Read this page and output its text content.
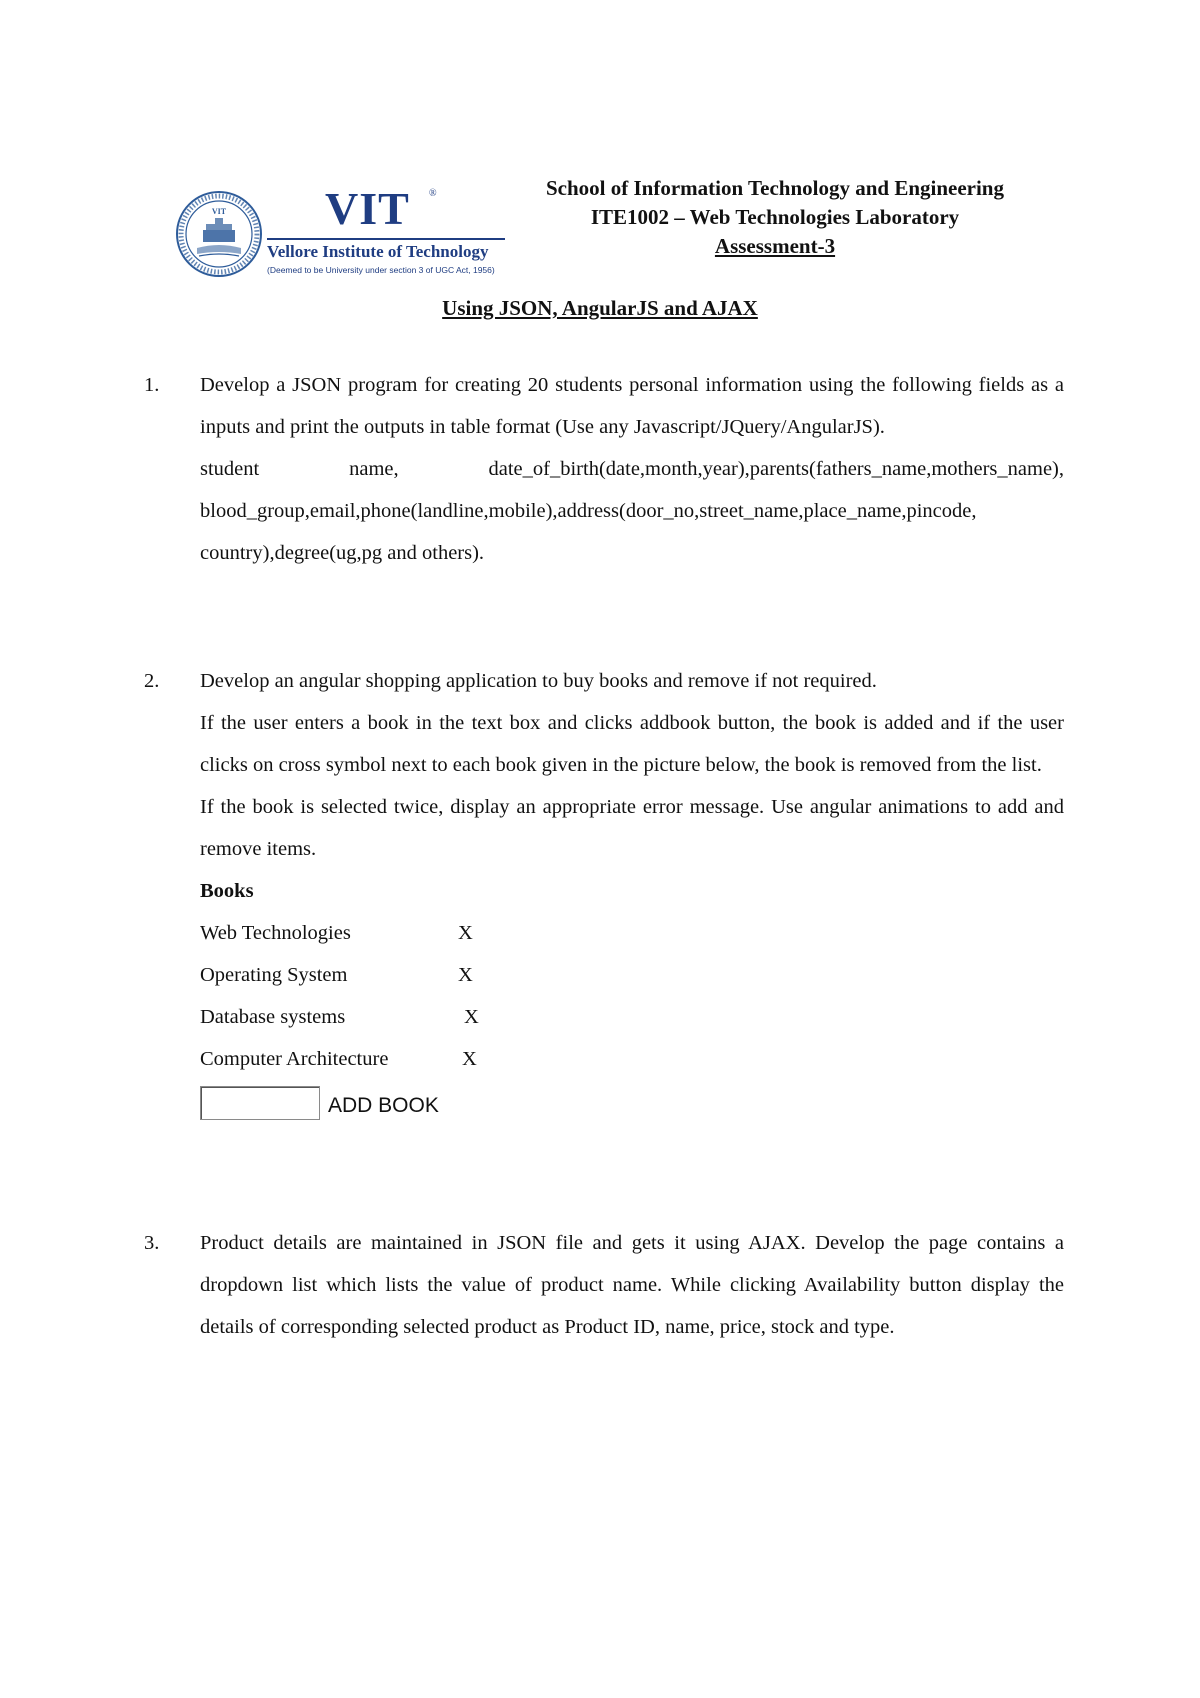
VIT VIT ®
Vellore Institute of Technology
(Deemed to be University under section 3 of UGC Act, 1956)
School of Information Technology and Engineering
ITE1002 – Web Technologies Laboratory
Assessment-3
Using JSON, AngularJS and AJAX
1.	Develop a JSON program for creating 20 students personal information using the following fields as a inputs and print the outputs in table format (Use any Javascript/JQuery/AngularJS).

student name, date_of_birth(date,month,year),parents(fathers_name,mothers_name), blood_group,email,phone(landline,mobile),address(door_no,street_name,place_name,pincode, country),degree(ug,pg and others).

2.	Develop an angular shopping application to buy books and remove if not required.

If the user enters a book in the text box and clicks addbook button, the book is added and if the user clicks on cross symbol next to each book given in the picture below, the book is removed from the list.

If the book is selected twice, display an appropriate error message. Use angular animations to add and remove items.

Books
Web Technologies	X
Operating System	X
Database systems	X
Computer Architecture	X
ADD BOOK
3.	Product details are maintained in JSON file and gets it using AJAX. Develop the page contains a dropdown list which lists the value of product name. While clicking Availability button display the details of corresponding selected product as Product ID, name, price, stock and type.
